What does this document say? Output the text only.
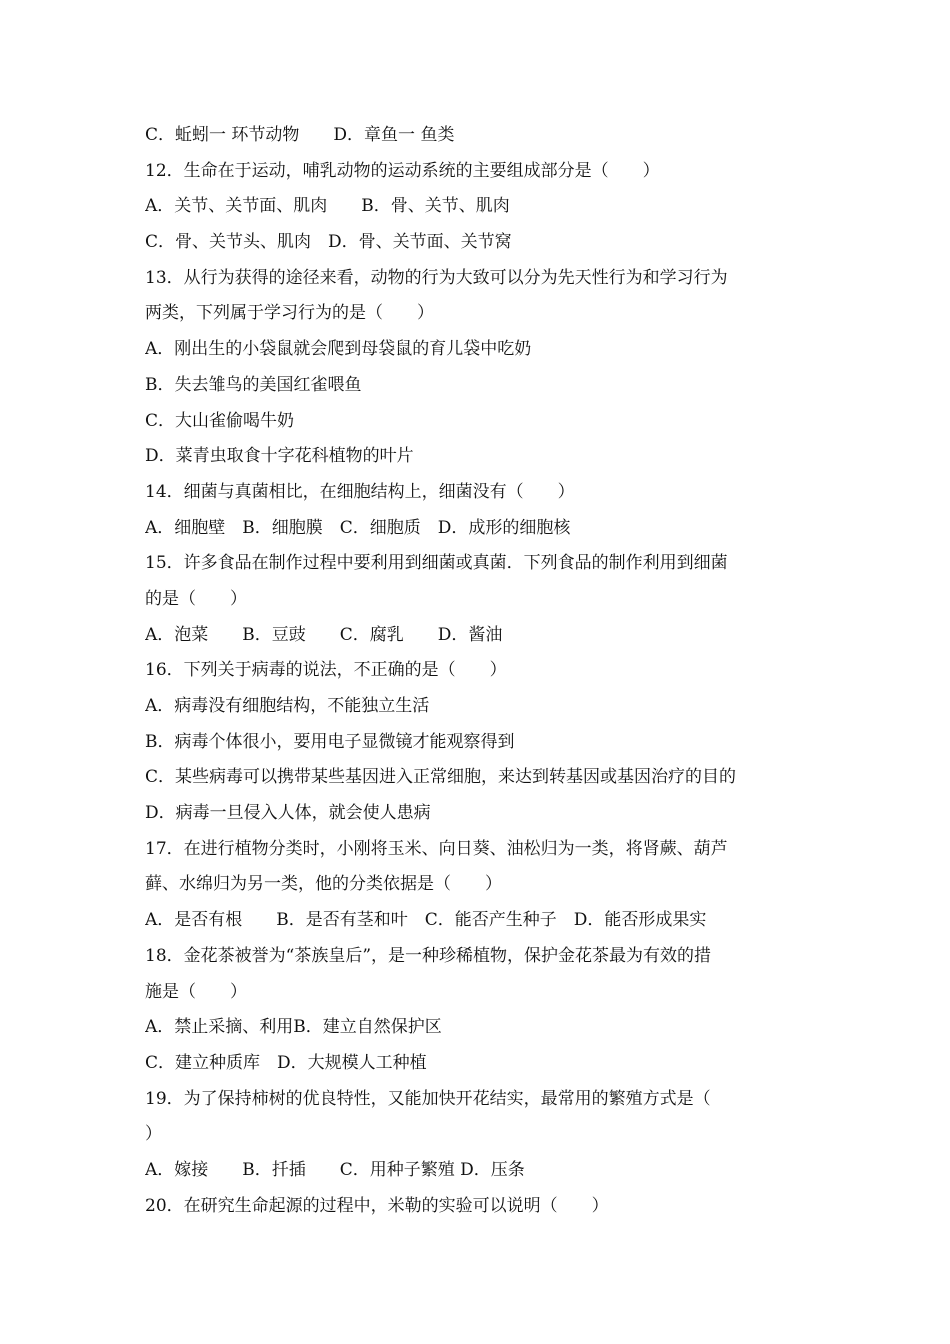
C．蚯蚓一 环节动物　　D．章鱼一 鱼类
12．生命在于运动，哺乳动物的运动系统的主要组成部分是（　　）
A．关节、关节面、肌肉　　B．骨、关节、肌肉
C．骨、关节头、肌肉　D．骨、关节面、关节窝
13．从行为获得的途径来看，动物的行为大致可以分为先天性行为和学习行为
两类，下列属于学习行为的是（　　）
A．刚出生的小袋鼠就会爬到母袋鼠的育儿袋中吃奶
B．失去雏鸟的美国红雀喂鱼
C．大山雀偷喝牛奶
D．菜青虫取食十字花科植物的叶片
14．细菌与真菌相比，在细胞结构上，细菌没有（　　）
A．细胞壁　B．细胞膜　C．细胞质　D．成形的细胞核
15．许多食品在制作过程中要利用到细菌或真菌．下列食品的制作利用到细菌
的是（　　）
A．泡菜　　B．豆豉　　C．腐乳　　D．酱油
16．下列关于病毒的说法，不正确的是（　　）
A．病毒没有细胞结构，不能独立生活
B．病毒个体很小，要用电子显微镜才能观察得到
C．某些病毒可以携带某些基因进入正常细胞，来达到转基因或基因治疗的目的
D．病毒一旦侵入人体，就会使人患病
17．在进行植物分类时，小刚将玉米、向日葵、油松归为一类，将肾蕨、葫芦
藓、水绵归为另一类，他的分类依据是（　　）
A．是否有根　　B．是否有茎和叶　C．能否产生种子　D．能否形成果实
18．金花茶被誉为“茶族皇后”，是一种珍稀植物，保护金花茶最为有效的措
施是（　　）
A．禁止采摘、利用B．建立自然保护区
C．建立种质库　D．大规模人工种植
19．为了保持柿树的优良特性，又能加快开花结实，最常用的繁殖方式是（
）
A．嫁接　　B．扦插　　C．用种子繁殖 D．压条
20．在研究生命起源的过程中，米勒的实验可以说明（　　）
